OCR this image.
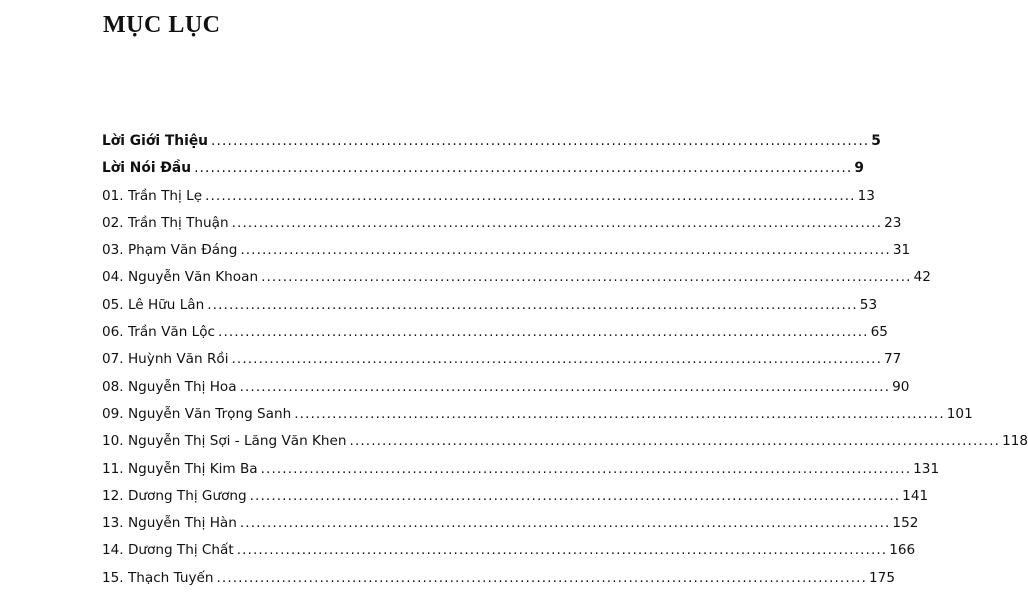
MỤC LỤC
Lời Giới Thiệu ........................................................................................................................ 5
Lời Nói Đầu ........................................................................................................................ 9
01. Trần Thị Lẹ ........................................................................................................................ 13
02. Trần Thị Thuận ........................................................................................................................ 23
03. Phạm Văn Đáng ........................................................................................................................ 31
04. Nguyễn Văn Khoan ........................................................................................................................ 42
05. Lê Hữu Lân ........................................................................................................................ 53
06. Trần Văn Lộc ........................................................................................................................ 65
07. Huỳnh Văn Rồi ........................................................................................................................ 77
08. Nguyễn Thị Hoa ........................................................................................................................ 90
09. Nguyễn Văn Trọng Sanh ........................................................................................................................ 101
10. Nguyễn Thị Sợi - Lăng Văn Khen ........................................................................................................................ 118
11. Nguyễn Thị Kim Ba ........................................................................................................................ 131
12. Dương Thị Gương ........................................................................................................................ 141
13. Nguyễn Thị Hàn ........................................................................................................................ 152
14. Dương Thị Chất ........................................................................................................................ 166
15. Thạch Tuyến ........................................................................................................................ 175
